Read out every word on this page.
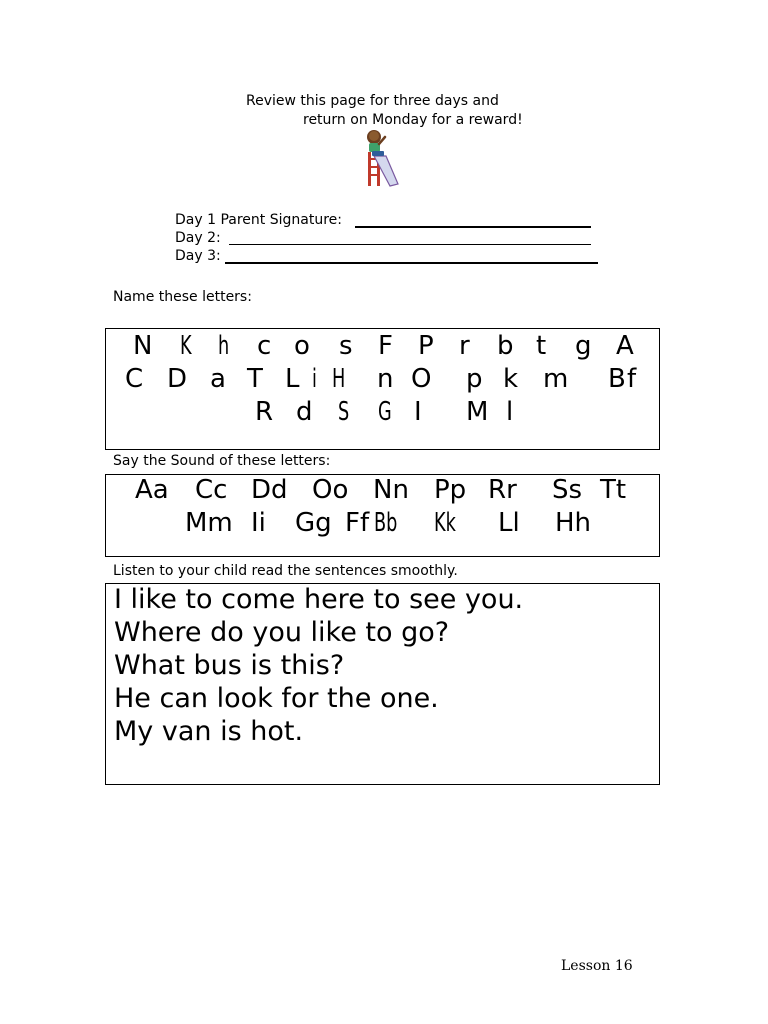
Review this page for three days and
return on Monday for a reward!
Day 1 Parent Signature:
Day 2:
Day 3:
Name these letters:
N K h c o s F P r b t g A
C D a T L i H n O p k m B f
R d S G I M l
Say the Sound of these letters:
Aa Cc Dd Oo Nn Pp Rr Ss Tt
Mm Ii Gg Ff Bb	Kk	Ll Hh
Listen to your child read the sentences smoothly.
I like to come here to see you.
Where do you like to go?
What bus is this?
He can look for the one.
My van is hot.
Lesson 16
